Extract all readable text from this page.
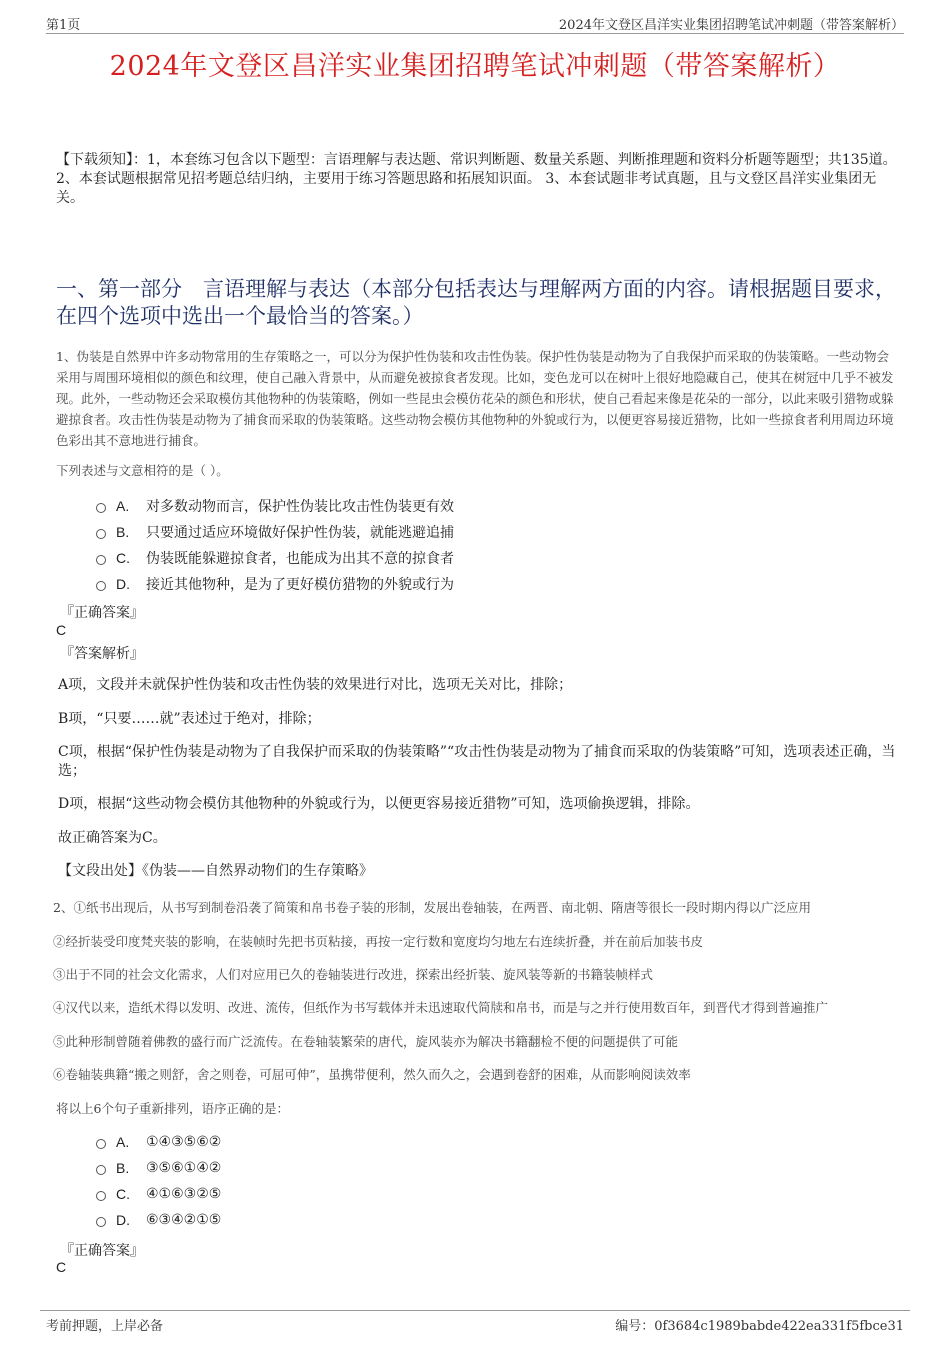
第1页	2024年文登区昌洋实业集团招聘笔试冲刺题（带答案解析）
2024年文登区昌洋实业集团招聘笔试冲刺题（带答案解析）
【下载须知】：1，本套练习包含以下题型：言语理解与表达题、常识判断题、数量关系题、判断推理题和资料分析题等题型；共135道。 2、本套试题根据常见招考题总结归纳，主要用于练习答题思路和拓展知识面。 3、本套试题非考试真题，且与文登区昌洋实业集团无关。
一、第一部分　言语理解与表达（本部分包括表达与理解两方面的内容。请根据题目要求，在四个选项中选出一个最恰当的答案。）
1、伪装是自然界中许多动物常用的生存策略之一，可以分为保护性伪装和攻击性伪装。保护性伪装是动物为了自我保护而采取的伪装策略。一些动物会采用与周围环境相似的颜色和纹理，使自己融入背景中，从而避免被掠食者发现。比如，变色龙可以在树叶上很好地隐藏自己，使其在树冠中几乎不被发现。此外，一些动物还会采取模仿其他物种的伪装策略，例如一些昆虫会模仿花朵的颜色和形状，使自己看起来像是花朵的一部分，以此来吸引猎物或躲避掠食者。攻击性伪装是动物为了捕食而采取的伪装策略。这些动物会模仿其他物种的外貌或行为，以便更容易接近猎物，比如一些掠食者利用周边环境色彩出其不意地进行捕食。
下列表述与文意相符的是（ ）。
A.	对多数动物而言，保护性伪装比攻击性伪装更有效
B.	只要通过适应环境做好保护性伪装，就能逃避追捕
C.	伪装既能躲避掠食者，也能成为出其不意的掠食者
D.	接近其他物种，是为了更好模仿猎物的外貌或行为
『正确答案』
C
『答案解析』
A项，文段并未就保护性伪装和攻击性伪装的效果进行对比，选项无关对比，排除；
B项，“只要……就”表述过于绝对，排除；
C项，根据“保护性伪装是动物为了自我保护而采取的伪装策略”“攻击性伪装是动物为了捕食而采取的伪装策略”可知，选项表述正确，当选；
D项，根据“这些动物会模仿其他物种的外貌或行为，以便更容易接近猎物”可知，选项偷换逻辑，排除。
故正确答案为C。
【文段出处】《伪装——自然界动物们的生存策略》
2、①纸书出现后，从书写到制卷沿袭了简策和帛书卷子装的形制，发展出卷轴装，在两晋、南北朝、隋唐等很长一段时期内得以广泛应用
②经折装受印度梵夹装的影响，在装帧时先把书页粘接，再按一定行数和宽度均匀地左右连续折叠，并在前后加装书皮
③出于不同的社会文化需求，人们对应用已久的卷轴装进行改进，探索出经折装、旋风装等新的书籍装帧样式
④汉代以来，造纸术得以发明、改进、流传，但纸作为书写载体并未迅速取代简牍和帛书，而是与之并行使用数百年，到晋代才得到普遍推广
⑤此种形制曾随着佛教的盛行而广泛流传。在卷轴装繁荣的唐代，旋风装亦为解决书籍翻检不便的问题提供了可能
⑥卷轴装典籍“搬之则舒，舍之则卷，可屈可伸”，虽携带便利，然久而久之，会遇到卷舒的困难，从而影响阅读效率
将以上6个句子重新排列，语序正确的是：
A.	①④③⑤⑥②
B.	③⑤⑥①④②
C.	④①⑥③②⑤
D.	⑥③④②①⑤
『正确答案』
C
考前押题，上岸必备	编号：0f3684c1989babde422ea331f5fbce31
